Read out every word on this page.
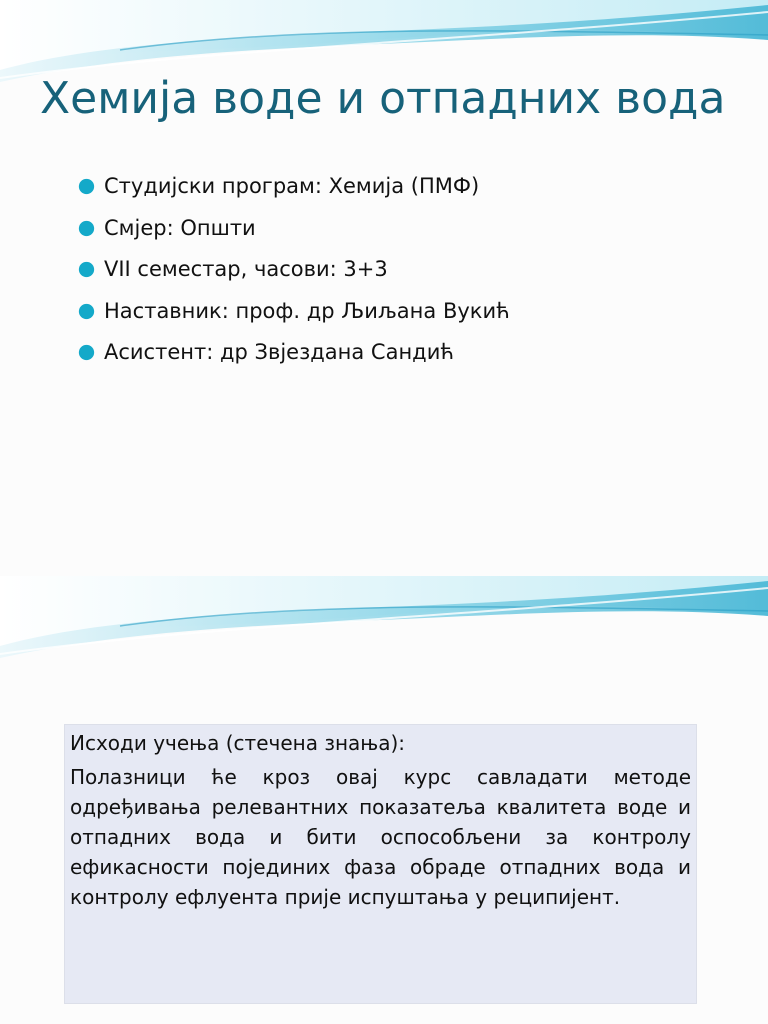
Хемија воде и отпадних вода
Студијски програм: Хемија (ПМФ)
Смјер: Општи
VII семестар, часови: 3+3
Наставник: проф. др Љиљана Вукић
Асистент: др Звјездана Сандић

Исходи учења (стечена знања):

Полазници ће кроз овај курс савладати методе одређивања релевантних показатеља квалитета воде и отпадних вода и бити оспособљени за контролу ефикасности појединих фаза обраде отпадних вода и контролу ефлуента прије испуштања у реципијент.
